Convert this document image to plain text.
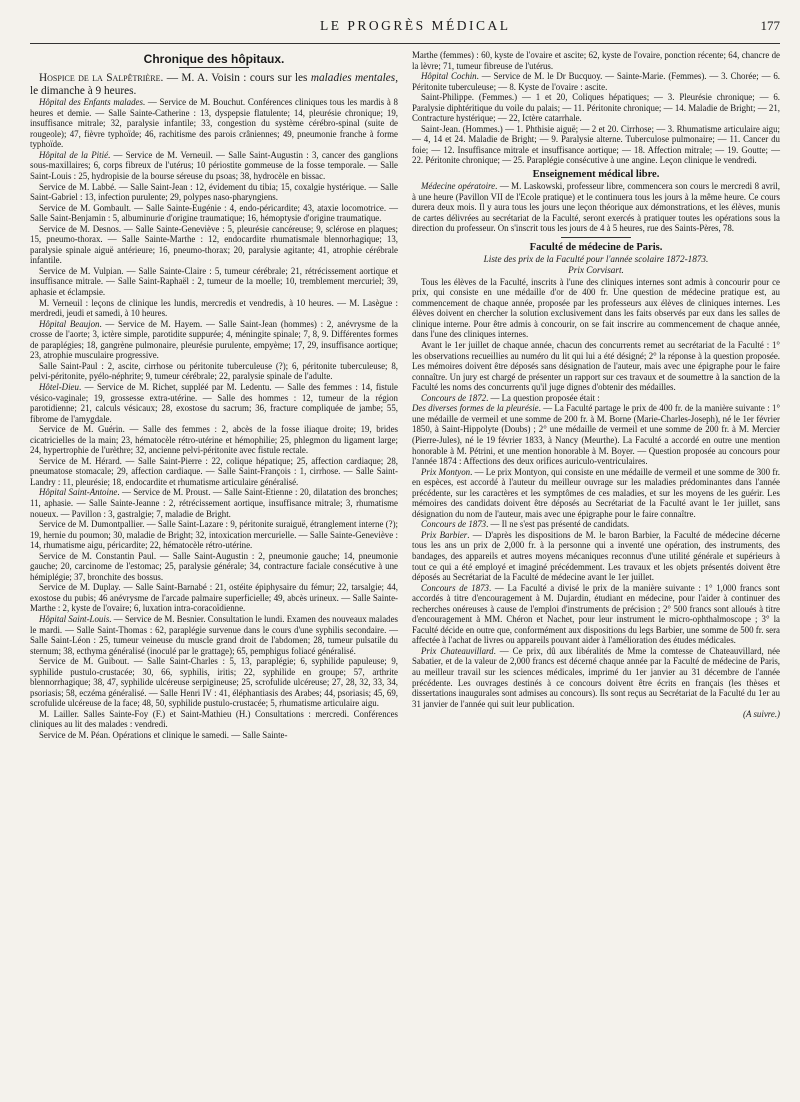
LE PROGRÈS MÉDICAL	177
Chronique des hôpitaux.

Hospice de la Salpêtrière. — M. A. Voisin : cours sur les maladies mentales, le dimanche à 9 heures.

Hôpital des Enfants malades. — Service de M. Bouchut. Conférences cliniques tous les mardis à 8 heures et demie. — Salle Sainte-Catherine : 13, dyspepsie flatulente; 14, pleurésie chronique; 19, insuffisance mitrale; 32, paralysie infantile; 33, congestion du système cérébro-spinal (suite de rougeole); 47, fièvre typhoïde; 46, rachitisme des parois crâniennes; 49, pneumonie franche à forme typhoïde.

Hôpital de la Pitié. — Service de M. Verneuil. — Salle Saint-Augustin : 3, cancer des ganglions sous-maxillaires; 6, corps fibreux de l'utérus; 10 périostite gommeuse de la fosse temporale. — Salle Saint-Louis : 25, hydropisie de la bourse séreuse du psoas; 38, hydrocèle en bissac.

Service de M. Labbé. — Salle Saint-Jean : 12, évidement du tibia; 15, coxalgie hystérique. — Salle Saint-Gabriel : 13, infection purulente; 29, polypes naso-pharyngiens.

Service de M. Gombault. — Salle Sainte-Eugénie : 4, endo-péricardite; 43, ataxie locomotrice. — Salle Saint-Benjamin : 5, albuminurie d'origine traumatique; 16, hémoptysie d'origine traumatique.

Service de M. Desnos. — Salle Sainte-Geneviève : 5, pleurésie cancéreuse; 9, sclérose en plaques; 15, pneumo-thorax. — Salle Sainte-Marthe : 12, endocardite rhumatismale blennorhagique; 13, paralysie spinale aiguë antérieure; 16, pneumo-thorax; 20, paralysie agitante; 41, atrophie cérébrale infantile.

Service de M. Vulpian. — Salle Sainte-Claire : 5, tumeur cérébrale; 21, rétrécissement aortique et insuffisance mitrale. — Salle Saint-Raphaël : 2, tumeur de la moelle; 10, tremblement mercuriel; 39, aphasie et éclampsie.

M. Verneuil : leçons de clinique les lundis, mercredis et vendredis, à 10 heures. — M. Lasègue : merdredi, jeudi et samedi, à 10 heures.

Hôpital Beaujon. — Service de M. Hayem. — Salle Saint-Jean (hommes) : 2, anévrysme de la crosse de l'aorte; 3, ictère simple, parotidite suppurée; 4, méningite spinale; 7, 8, 9. Différentes formes de paraplégies; 18, gangrène pulmonaire, pleurésie purulente, empyème; 17, 29, insuffisance aortique; 23, atrophie musculaire progressive.

Salle Saint-Paul : 2, ascite, cirrhose ou péritonite tuberculeuse (?); 6, péritonite tuberculeuse; 8, pelvi-péritonite, pyélo-néphrite; 9, tumeur cérébrale; 22, paralysie spinale de l'adulte.

Hôtel-Dieu. — Service de M. Richet, suppléé par M. Ledentu. — Salle des femmes : 14, fistule vésico-vaginale; 19, grossesse extra-utérine. — Salle des hommes : 12, tumeur de la région parotidienne; 21, calculs vésicaux; 28, exostose du sacrum; 36, fracture compliquée de jambe; 55, fibrome de l'amygdale.

Service de M. Guérin. — Salle des femmes : 2, abcès de la fosse iliaque droite; 19, brides cicatricielles de la main; 23, hématocèle rétro-utérine et hémophilie; 25, phlegmon du ligament large; 24, hypertrophie de l'urèthre; 32, ancienne pelvi-péritonite avec fistule rectale.

Service de M. Hérard. — Salle Saint-Pierre : 22, colique hépatique; 25, affection cardiaque; 28, pneumatose stomacale; 29, affection cardiaque. — Salle Saint-François : 1, cirrhose. — Salle Saint-Landry : 11, pleurésie; 18, endocardite et rhumatisme articulaire généralisé.

Hôpital Saint-Antoine. — Service de M. Proust. — Salle Saint-Etienne : 20, dilatation des bronches; 11, aphasie. — Salle Sainte-Jeanne : 2, rétrécissement aortique, insuffisance mitrale; 3, rhumatisme noueux. — Pavillon : 3, gastralgie; 7, maladie de Bright.

Service de M. Dumontpallier. — Salle Saint-Lazare : 9, péritonite suraiguë, étranglement interne (?); 19, hernie du poumon; 30, maladie de Bright; 32, intoxication mercurielle. — Salle Sainte-Geneviève : 14, rhumatisme aigu, péricardite; 22, hématocèle rétro-utérine.

Service de M. Constantin Paul. — Salle Saint-Augustin : 2, pneumonie gauche; 14, pneumonie gauche; 20, carcinome de l'estomac; 25, paralysie générale; 34, contracture faciale consécutive à une hémiplégie; 37, bronchite des bossus.

Service de M. Duplay. — Salle Saint-Barnabé : 21, ostéite épiphysaire du fémur; 22, tarsalgie; 44, exostose du pubis; 46 anévrysme de l'arcade palmaire superficielle; 49, abcès urineux. — Salle Sainte-Marthe : 2, kyste de l'ovaire; 6, luxation intra-coracoïdienne.

Hôpital Saint-Louis. — Service de M. Besnier. Consultation le lundi. Examen des nouveaux malades le mardi. — Salle Saint-Thomas : 62, paraplégie survenue dans le cours d'une syphilis secondaire. — Salle Saint-Léon : 25, tumeur veineuse du muscle grand droit de l'abdomen; 28, tumeur pulsatile du sternum; 38, ecthyma généralisé (inoculé par le grattage); 65, pemphigus foliacé généralisé.

Service de M. Guibout. — Salle Saint-Charles : 5, 13, paraplégie; 6, syphilide papuleuse; 9, syphilide pustulo-crustacée; 30, 66, syphilis, iritis; 22, syphilide en groupe; 57, arthrite blennorrhagique; 38, 47, syphilide ulcéreuse serpigineuse; 25, scrofulide ulcéreuse; 27, 28, 32, 33, 34, psoriasis; 58, eczéma généralisé. — Salle Henri IV : 41, éléphantiasis des Arabes; 44, psoriasis; 45, 69, scrofulide ulcéreuse de la face; 48, 50, syphilide pustulo-crustacée; 5, rhumatisme articulaire aigu.

M. Lailler. Salles Sainte-Foy (F.) et Saint-Mathieu (H.) Consultations : mercredi. Conférences cliniques au lit des malades : vendredi.

Service de M. Péan. Opérations et clinique le samedi. — Salle Sainte-

Marthe (femmes) : 60, kyste de l'ovaire et ascite; 62, kyste de l'ovaire, ponction récente; 64, chancre de la lèvre; 71, tumeur fibreuse de l'utérus.

Hôpital Cochin. — Service de M. le Dr Bucquoy. — Sainte-Marie. (Femmes). — 3. Chorée; — 6. Péritonite tuberculeuse; — 8. Kyste de l'ovaire : ascite.

Saint-Philippe. (Femmes.) — 1 et 20, Coliques hépatiques; — 3. Pleurésie chronique; — 6. Paralysie diphtéritique du voile du palais; — 11. Péritonite chronique; — 14. Maladie de Bright; — 21, Contracture hystérique; — 22, Ictère catarrhale.

Saint-Jean. (Hommes.) — 1. Phthisie aiguë; — 2 et 20. Cirrhose; — 3. Rhumatisme articulaire aigu; — 4, 14 et 24. Maladie de Bright; — 9. Paralysie alterne. Tuberculose pulmonaire; — 11. Cancer du foie; — 12. Insuffisance mitrale et insuffisance aortique; — 18. Affection mitrale; — 19. Goutte; — 22. Péritonite chronique; — 25. Paraplégie consécutive à une angine. Leçon clinique le vendredi.

Enseignement médical libre.

Médecine opératoire. — M. Laskowski, professeur libre, commencera son cours le mercredi 8 avril, à une heure (Pavillon VII de l'Ecole pratique) et le continuera tous les jours à la même heure. Ce cours durera deux mois. Il y aura tous les jours une leçon théorique aux démonstrations, et les élèves, munis de cartes délivrées au secrétariat de la Faculté, seront exercés à pratiquer toutes les opérations sous la direction du professeur. On s'inscrit tous les jours de 4 à 5 heures, rue des Saints-Pères, 78.

Faculté de médecine de Paris.
Liste des prix de la Faculté pour l'année scolaire 1872-1873.
Prix Corvisart.

Tous les élèves de la Faculté, inscrits à l'une des cliniques internes sont admis à concourir pour ce prix, qui consiste en une médaille d'or de 400 fr. Une question de médecine pratique est, au commencement de chaque année, proposée par les professeurs aux élèves de cliniques internes. Les élèves doivent en chercher la solution exclusivement dans les faits observés par eux dans les salles de clinique interne. Pour être admis à concourir, on se fait inscrire au commencement de chaque année, dans l'une des cliniques internes.

Avant le 1er juillet de chaque année, chacun des concurrents remet au secrétariat de la Faculté : 1° les observations recueillies au numéro du lit qui lui a été désigné; 2° la réponse à la question proposée. Les mémoires doivent être déposés sans désignation de l'auteur, mais avec une épigraphe pour le faire connaître. Un jury est chargé de présenter un rapport sur ces travaux et de soumettre à la sanction de la Faculté les noms des concurrents qu'il juge dignes d'obtenir des médailles.

Concours de 1872. — La question proposée était :

Des diverses formes de la pleurésie. — La Faculté partage le prix de 400 fr. de la manière suivante : 1° une médaille de vermeil et une somme de 200 fr. à M. Borne (Marie-Charles-Joseph), né le 1er février 1850, à Saint-Hippolyte (Doubs) ; 2° une médaille de vermeil et une somme de 200 fr. à M. Mercier (Pierre-Jules), né le 19 février 1833, à Nancy (Meurthe). La Faculté a accordé en outre une mention honorable à M. Pétrini, et une mention honorable à M. Boyer. — Question proposée au concours pour l'année 1874 : Affections des deux orifices auriculo-ventriculaires.

Prix Montyon. — Le prix Montyon, qui consiste en une médaille de vermeil et une somme de 300 fr. en espèces, est accordé à l'auteur du meilleur ouvrage sur les maladies prédominantes dans l'année précédente, sur les caractères et les symptômes de ces maladies, et sur les moyens de les guérir. Les mémoires des candidats doivent être déposés au Secrétariat de la Faculté avant le 1er juillet, sans désignation du nom de l'auteur, mais avec une épigraphe pour le faire connaître.

Concours de 1873. — Il ne s'est pas présenté de candidats.

Prix Barbier. — D'après les dispositions de M. le baron Barbier, la Faculté de médecine décerne tous les ans un prix de 2,000 fr. à la personne qui a inventé une opération, des instruments, des bandages, des appareils et autres moyens mécaniques reconnus d'une utilité générale et supérieurs à tout ce qui a été employé et imaginé précédemment. Les travaux et les objets présentés doivent être déposés au Secrétariat de la Faculté de médecine avant le 1er juillet.

Concours de 1873. — La Faculté a divisé le prix de la manière suivante : 1° 1,000 francs sont accordés à titre d'encouragement à M. Dujardin, étudiant en médecine, pour l'aider à continuer des recherches onéreuses à cause de l'emploi d'instruments de précision ; 2° 500 francs sont alloués à titre d'encouragement à MM. Chéron et Nachet, pour leur instrument le micro-ophthalmoscope ; 3° la Faculté décide en outre que, conformément aux dispositions du legs Barbier, une somme de 500 fr. sera affectée à l'achat de livres ou appareils pouvant aider à l'amélioration des études médicales.

Prix Chateauvillard. — Ce prix, dû aux libéralités de Mme la comtesse de Chateauvillard, née Sabatier, et de la valeur de 2,000 francs est décerné chaque année par la Faculté de médecine de Paris, au meilleur travail sur les sciences médicales, imprimé du 1er janvier au 31 décembre de l'année précédente. Les ouvrages destinés à ce concours doivent être écrits en français (les thèses et dissertations inaugurales sont admises au concours). Ils sont reçus au Secrétariat de la Faculté du 1er au 31 janvier de l'année qui suit leur publication.

(A suivre.)
